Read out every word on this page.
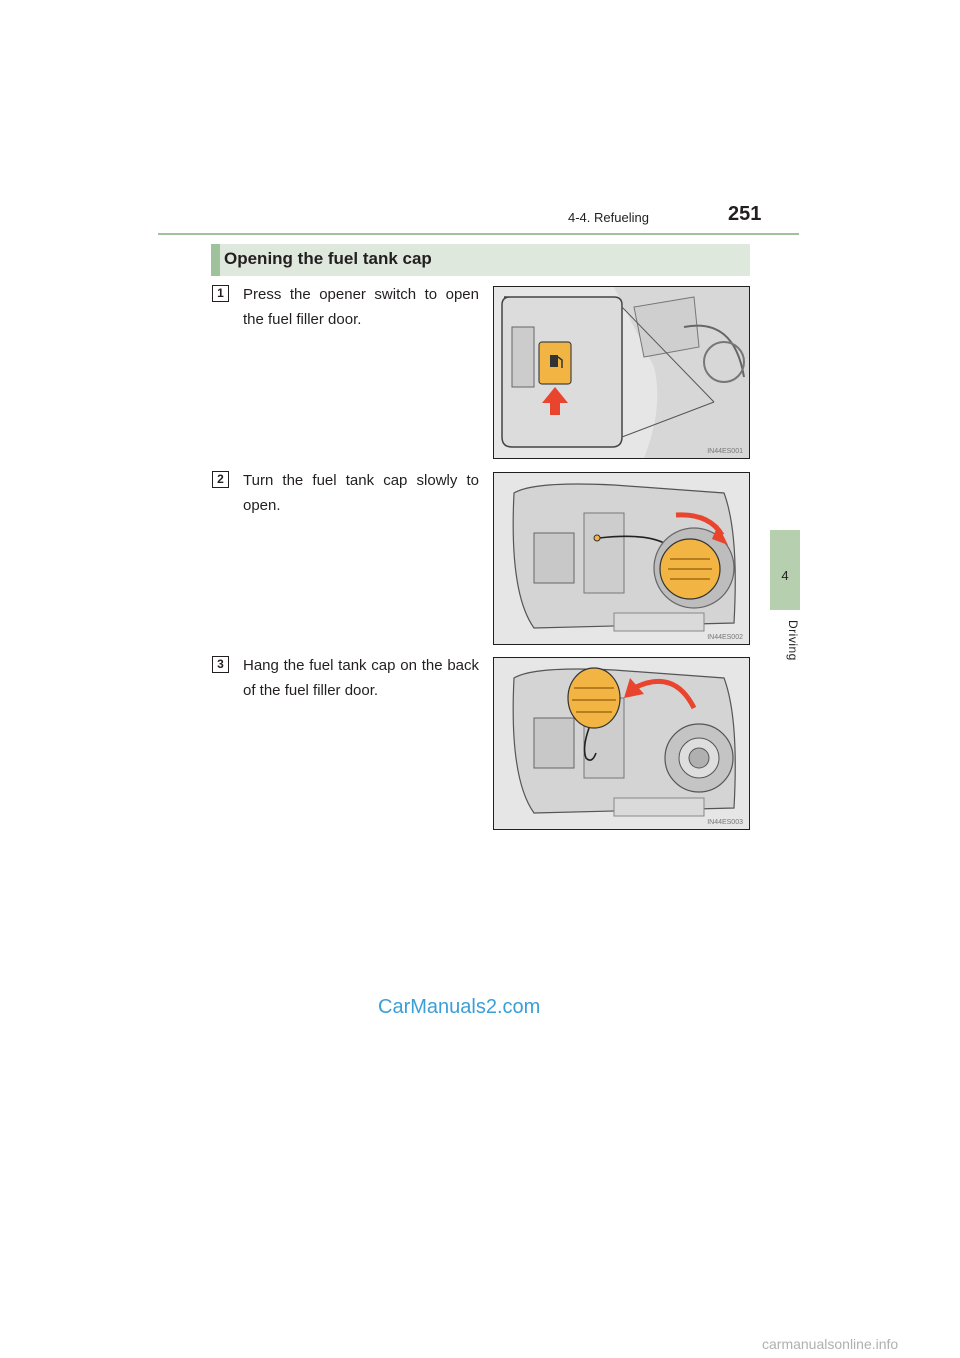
4-4. Refueling	251
4
Driving
Opening the fuel tank cap
1	Press the opener switch to open the fuel filler door.
IN44ES001
2	Turn the fuel tank cap slowly to open.
IN44ES002
3	Hang the fuel tank cap on the back of the fuel filler door.
IN44ES003
CarManuals2.com
carmanualsonline.info
